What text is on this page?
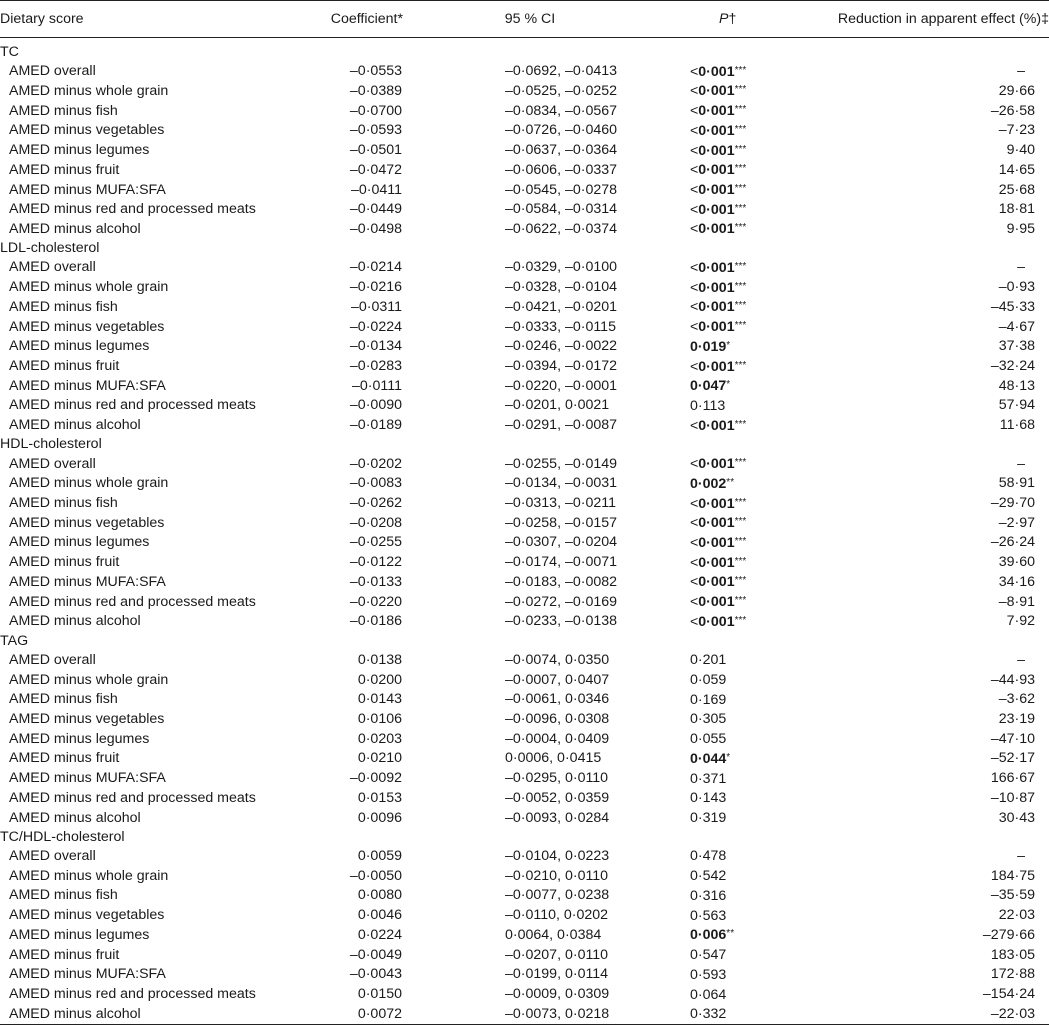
Dietary score	Coefficient*	95 % CI	P†	Reduction in apparent effect (%)‡

TC				
AMED overall	–0·0553	–0·0692, –0·0413	<0·001***	–
AMED minus whole grain	–0·0389	–0·0525, –0·0252	<0·001***	29·66
AMED minus fish	–0·0700	–0·0834, –0·0567	<0·001***	–26·58
AMED minus vegetables	–0·0593	–0·0726, –0·0460	<0·001***	–7·23
AMED minus legumes	–0·0501	–0·0637, –0·0364	<0·001***	9·40
AMED minus fruit	–0·0472	–0·0606, –0·0337	<0·001***	14·65
AMED minus MUFA:SFA	–0·0411	–0·0545, –0·0278	<0·001***	25·68
AMED minus red and processed meats	–0·0449	–0·0584, –0·0314	<0·001***	18·81
AMED minus alcohol	–0·0498	–0·0622, –0·0374	<0·001***	9·95
LDL-cholesterol				
AMED overall	–0·0214	–0·0329, –0·0100	<0·001***	–
AMED minus whole grain	–0·0216	–0·0328, –0·0104	<0·001***	–0·93
AMED minus fish	–0·0311	–0·0421, –0·0201	<0·001***	–45·33
AMED minus vegetables	–0·0224	–0·0333, –0·0115	<0·001***	–4·67
AMED minus legumes	–0·0134	–0·0246, –0·0022	0·019*	37·38
AMED minus fruit	–0·0283	–0·0394, –0·0172	<0·001***	–32·24
AMED minus MUFA:SFA	–0·0111	–0·0220, –0·0001	0·047*	48·13
AMED minus red and processed meats	–0·0090	–0·0201, 0·0021	0·113	57·94
AMED minus alcohol	–0·0189	–0·0291, –0·0087	<0·001***	11·68
HDL-cholesterol				
AMED overall	–0·0202	–0·0255, –0·0149	<0·001***	–
AMED minus whole grain	–0·0083	–0·0134, –0·0031	0·002**	58·91
AMED minus fish	–0·0262	–0·0313, –0·0211	<0·001***	–29·70
AMED minus vegetables	–0·0208	–0·0258, –0·0157	<0·001***	–2·97
AMED minus legumes	–0·0255	–0·0307, –0·0204	<0·001***	–26·24
AMED minus fruit	–0·0122	–0·0174, –0·0071	<0·001***	39·60
AMED minus MUFA:SFA	–0·0133	–0·0183, –0·0082	<0·001***	34·16
AMED minus red and processed meats	–0·0220	–0·0272, –0·0169	<0·001***	–8·91
AMED minus alcohol	–0·0186	–0·0233, –0·0138	<0·001***	7·92
TAG				
AMED overall	0·0138	–0·0074, 0·0350	0·201	–
AMED minus whole grain	0·0200	–0·0007, 0·0407	0·059	–44·93
AMED minus fish	0·0143	–0·0061, 0·0346	0·169	–3·62
AMED minus vegetables	0·0106	–0·0096, 0·0308	0·305	23·19
AMED minus legumes	0·0203	–0·0004, 0·0409	0·055	–47·10
AMED minus fruit	0·0210	0·0006, 0·0415	0·044*	–52·17
AMED minus MUFA:SFA	–0·0092	–0·0295, 0·0110	0·371	166·67
AMED minus red and processed meats	0·0153	–0·0052, 0·0359	0·143	–10·87
AMED minus alcohol	0·0096	–0·0093, 0·0284	0·319	30·43
TC/HDL-cholesterol				
AMED overall	0·0059	–0·0104, 0·0223	0·478	–
AMED minus whole grain	–0·0050	–0·0210, 0·0110	0·542	184·75
AMED minus fish	0·0080	–0·0077, 0·0238	0·316	–35·59
AMED minus vegetables	0·0046	–0·0110, 0·0202	0·563	22·03
AMED minus legumes	0·0224	0·0064, 0·0384	0·006**	–279·66
AMED minus fruit	–0·0049	–0·0207, 0·0110	0·547	183·05
AMED minus MUFA:SFA	–0·0043	–0·0199, 0·0114	0·593	172·88
AMED minus red and processed meats	0·0150	–0·0009, 0·0309	0·064	–154·24
AMED minus alcohol	0·0072	–0·0073, 0·0218	0·332	–22·03
